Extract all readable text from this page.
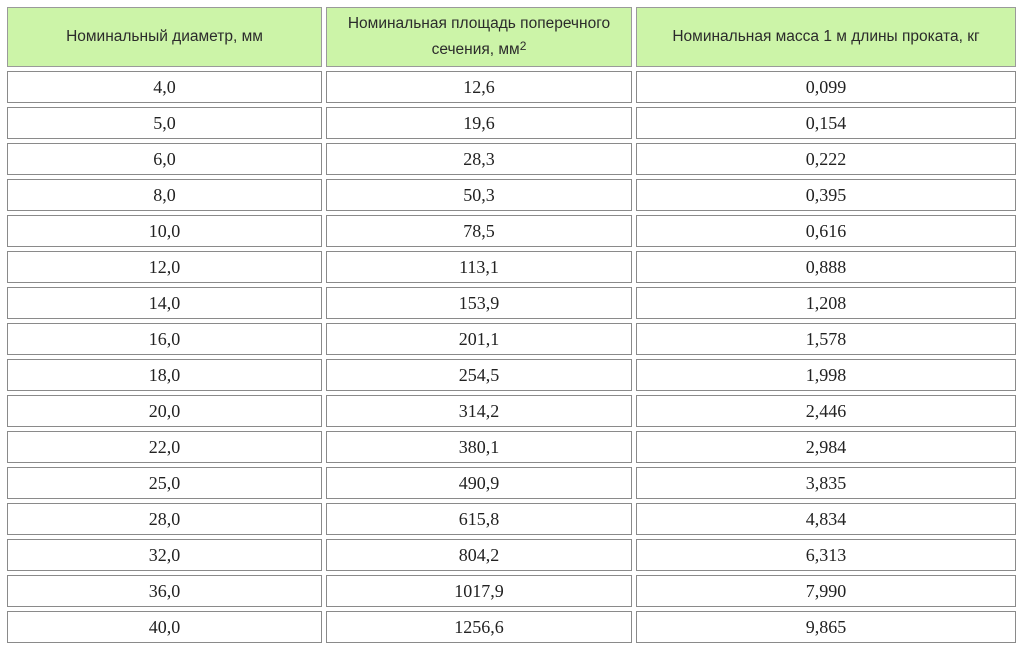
Номинальный диаметр, мм	Номинальная площадь поперечного сечения, $мм^2$	Номинальная масса 1 м длины проката, кг
4,0	12,6	0,099
5,0	19,6	0,154
6,0	28,3	0,222
8,0	50,3	0,395
10,0	78,5	0,616
12,0	113,1	0,888
14,0	153,9	1,208
16,0	201,1	1,578
18,0	254,5	1,998
20,0	314,2	2,446
22,0	380,1	2,984
25,0	490,9	3,835
28,0	615,8	4,834
32,0	804,2	6,313
36,0	1017,9	7,990
40,0	1256,6	9,865
